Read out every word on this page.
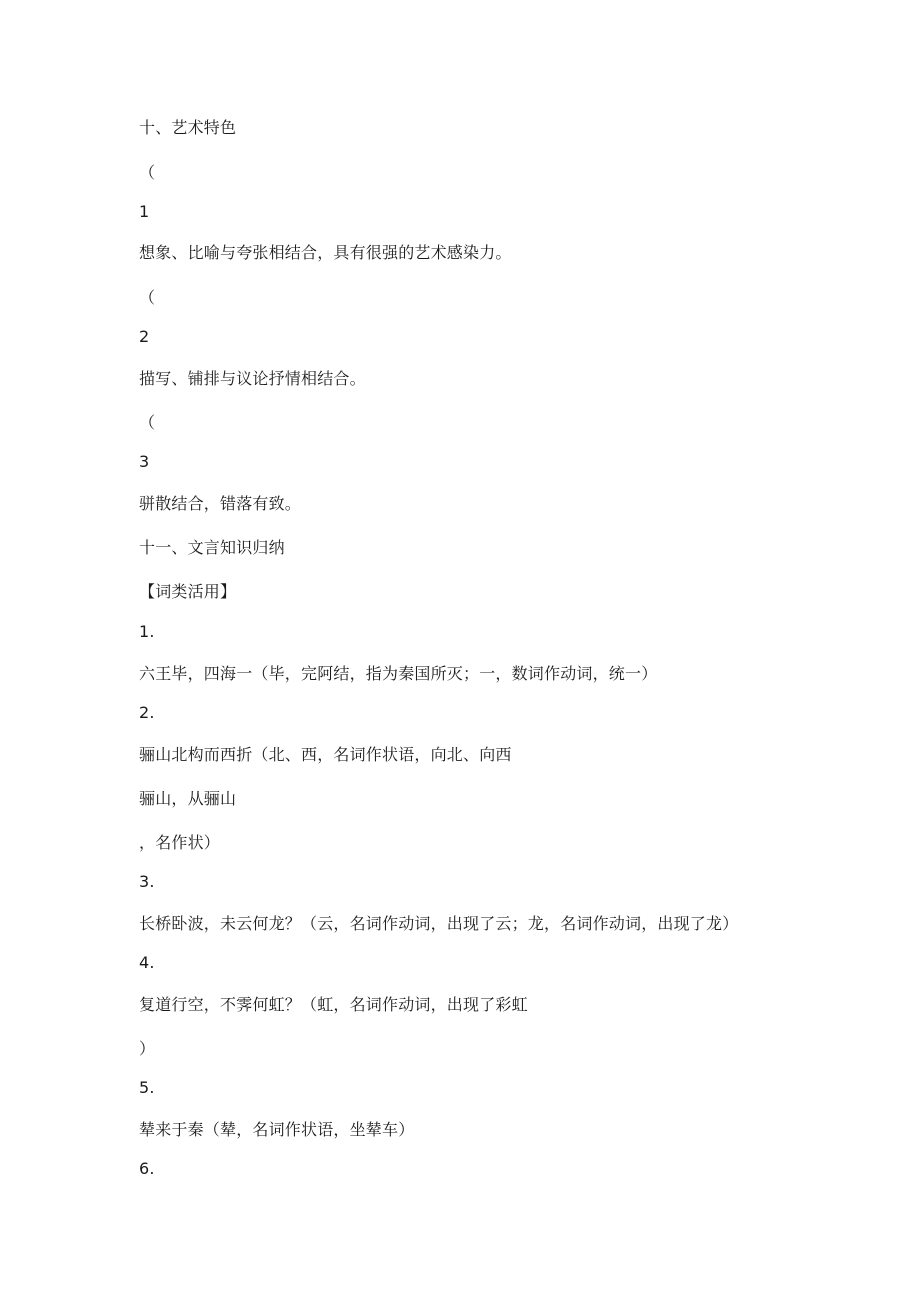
十、艺术特色
（
1
想象、比喻与夸张相结合，具有很强的艺术感染力。
（
2
描写、铺排与议论抒情相结合。
（
3
骈散结合，错落有致。
十一、文言知识归纳
【词类活用】
1.
六王毕，四海一（毕，完阿结，指为秦国所灭；一，数词作动词，统一）
2.
骊山北构而西折（北、西，名词作状语，向北、向西
骊山，从骊山
，名作状）
3.
长桥卧波，未云何龙？（云，名词作动词，出现了云；龙，名词作动词，出现了龙）
4.
复道行空，不霁何虹？（虹，名词作动词，出现了彩虹
）
5.
辇来于秦（辇，名词作状语，坐辇车）
6.
